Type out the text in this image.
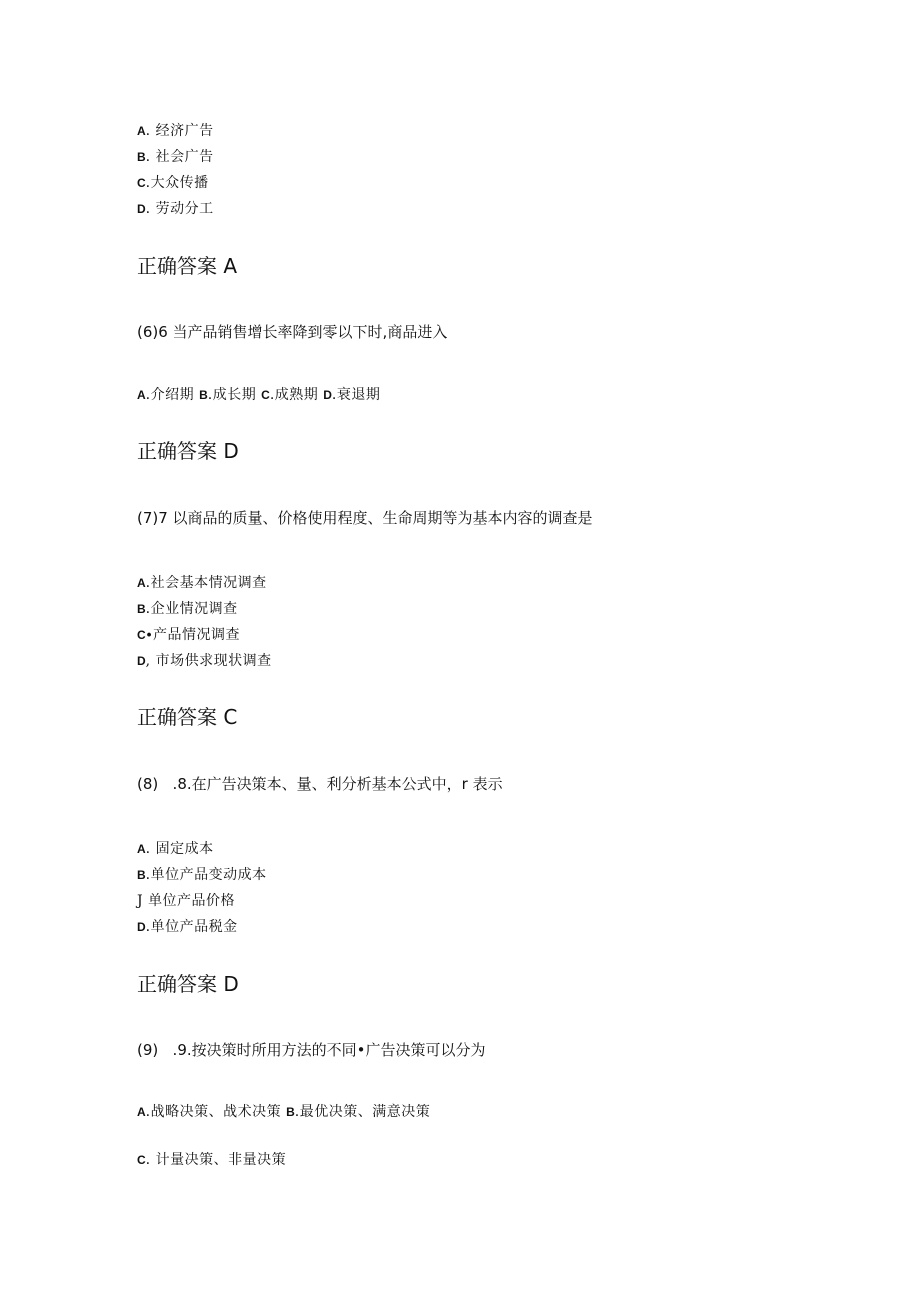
A. 经济广告
B. 社会广告
C.大众传播
D. 劳动分工
正确答案 A
(6)6 当产品销售增长率降到零以下时,商品进入
A.介绍期 B.成长期 C.成熟期 D.衰退期
正确答案 D
(7)7 以商品的质量、价格使用程度、生命周期等为基本内容的调查是
A.社会基本情况调查
B.企业情况调查
C∙产品情况调查
D, 市场供求现状调查
正确答案 C
(8)   .8.在广告决策本、量、利分析基本公式中，r 表示
A. 固定成本
B.单位产品变动成本
J 单位产品价格
D.单位产品税金
正确答案 D
(9)   .9.按决策时所用方法的不同•广告决策可以分为
A.战略决策、战术决策 B.最优决策、满意决策
C. 计量决策、非量决策
